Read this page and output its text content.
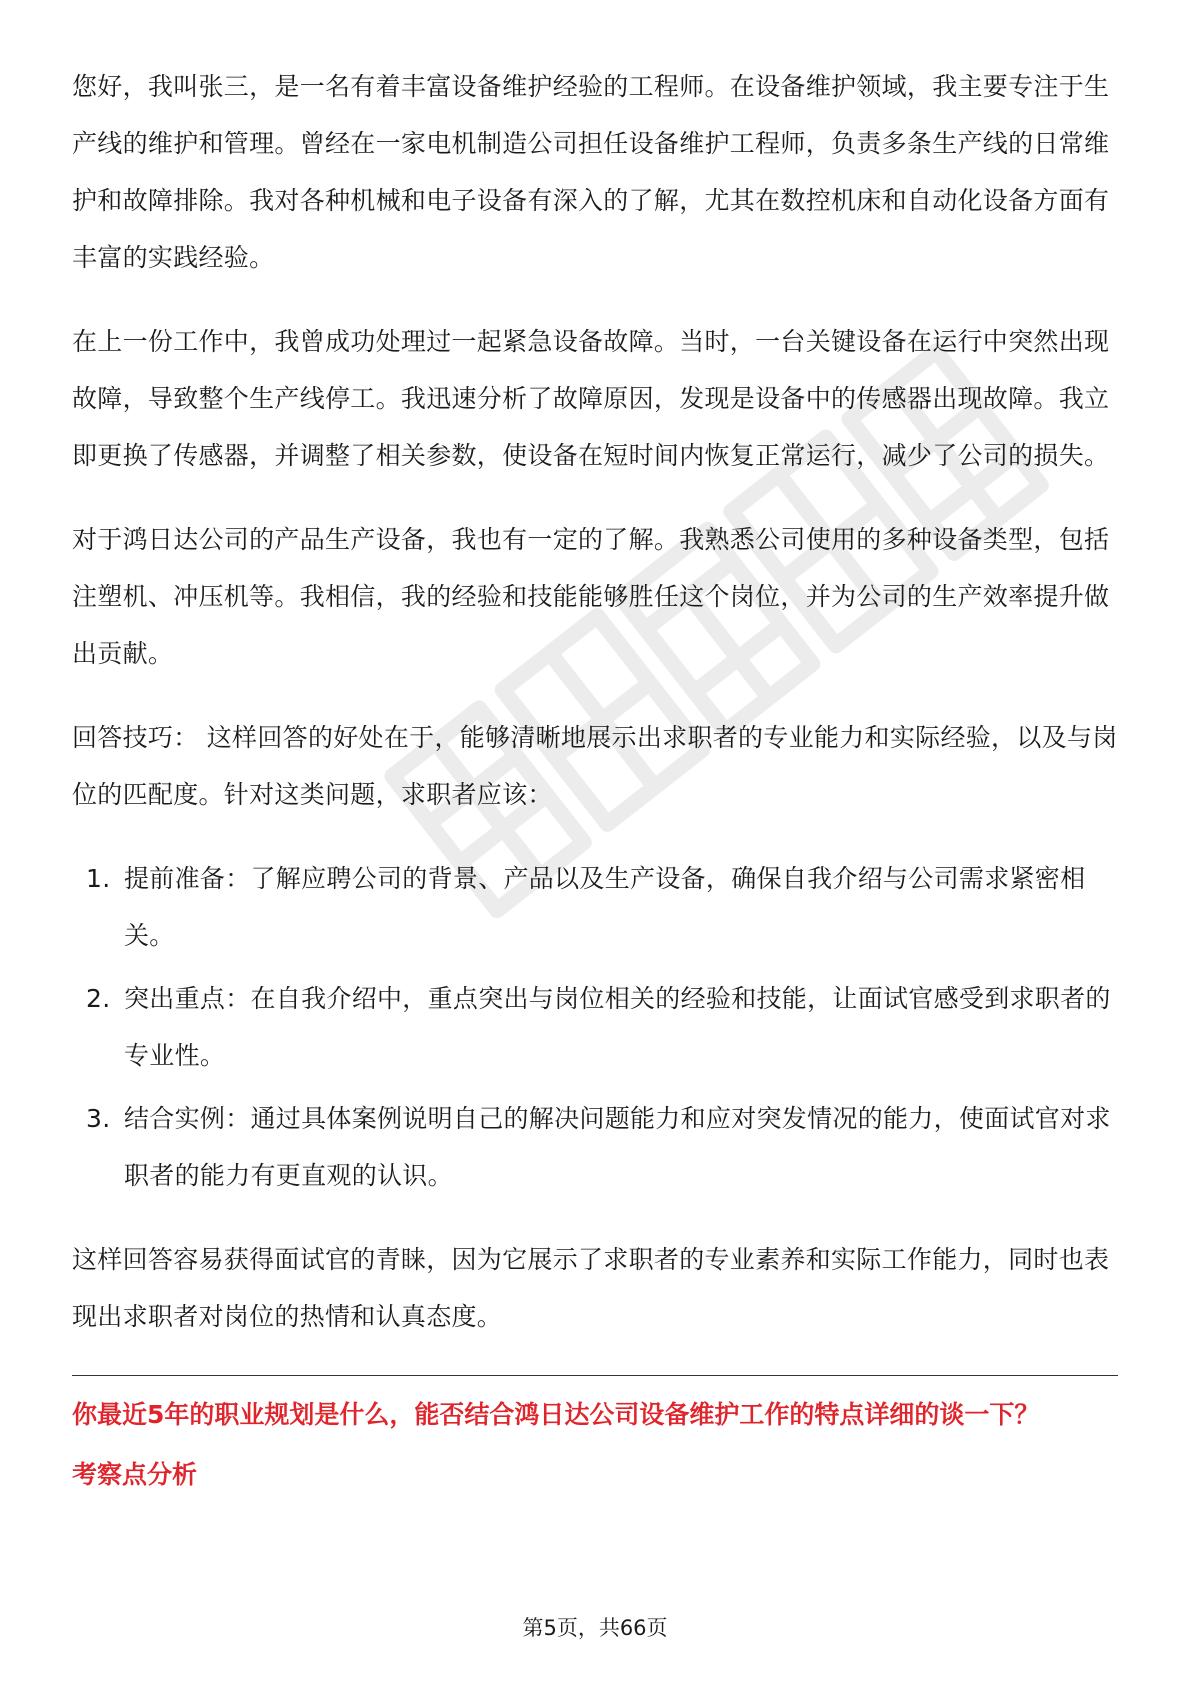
您好，我叫张三，是一名有着丰富设备维护经验的工程师。在设备维护领域，我主要专注于生产线的维护和管理。曾经在一家电机制造公司担任设备维护工程师，负责多条生产线的日常维护和故障排除。我对各种机械和电子设备有深入的了解，尤其在数控机床和自动化设备方面有丰富的实践经验。

在上一份工作中，我曾成功处理过一起紧急设备故障。当时，一台关键设备在运行中突然出现故障，导致整个生产线停工。我迅速分析了故障原因，发现是设备中的传感器出现故障。我立即更换了传感器，并调整了相关参数，使设备在短时间内恢复正常运行，减少了公司的损失。

对于鸿日达公司的产品生产设备，我也有一定的了解。我熟悉公司使用的多种设备类型，包括注塑机、冲压机等。我相信，我的经验和技能能够胜任这个岗位，并为公司的生产效率提升做出贡献。

回答技巧： 这样回答的好处在于，能够清晰地展示出求职者的专业能力和实际经验，以及与岗位的匹配度。针对这类问题，求职者应该：

1. 提前准备：了解应聘公司的背景、产品以及生产设备，确保自我介绍与公司需求紧密相关。
2. 突出重点：在自我介绍中，重点突出与岗位相关的经验和技能，让面试官感受到求职者的专业性。
3. 结合实例：通过具体案例说明自己的解决问题能力和应对突发情况的能力，使面试官对求职者的能力有更直观的认识。

这样回答容易获得面试官的青睐，因为它展示了求职者的专业素养和实际工作能力，同时也表现出求职者对岗位的热情和认真态度。

你最近5年的职业规划是什么，能否结合鸿日达公司设备维护工作的特点详细的谈一下？
考察点分析
第5页，共66页
